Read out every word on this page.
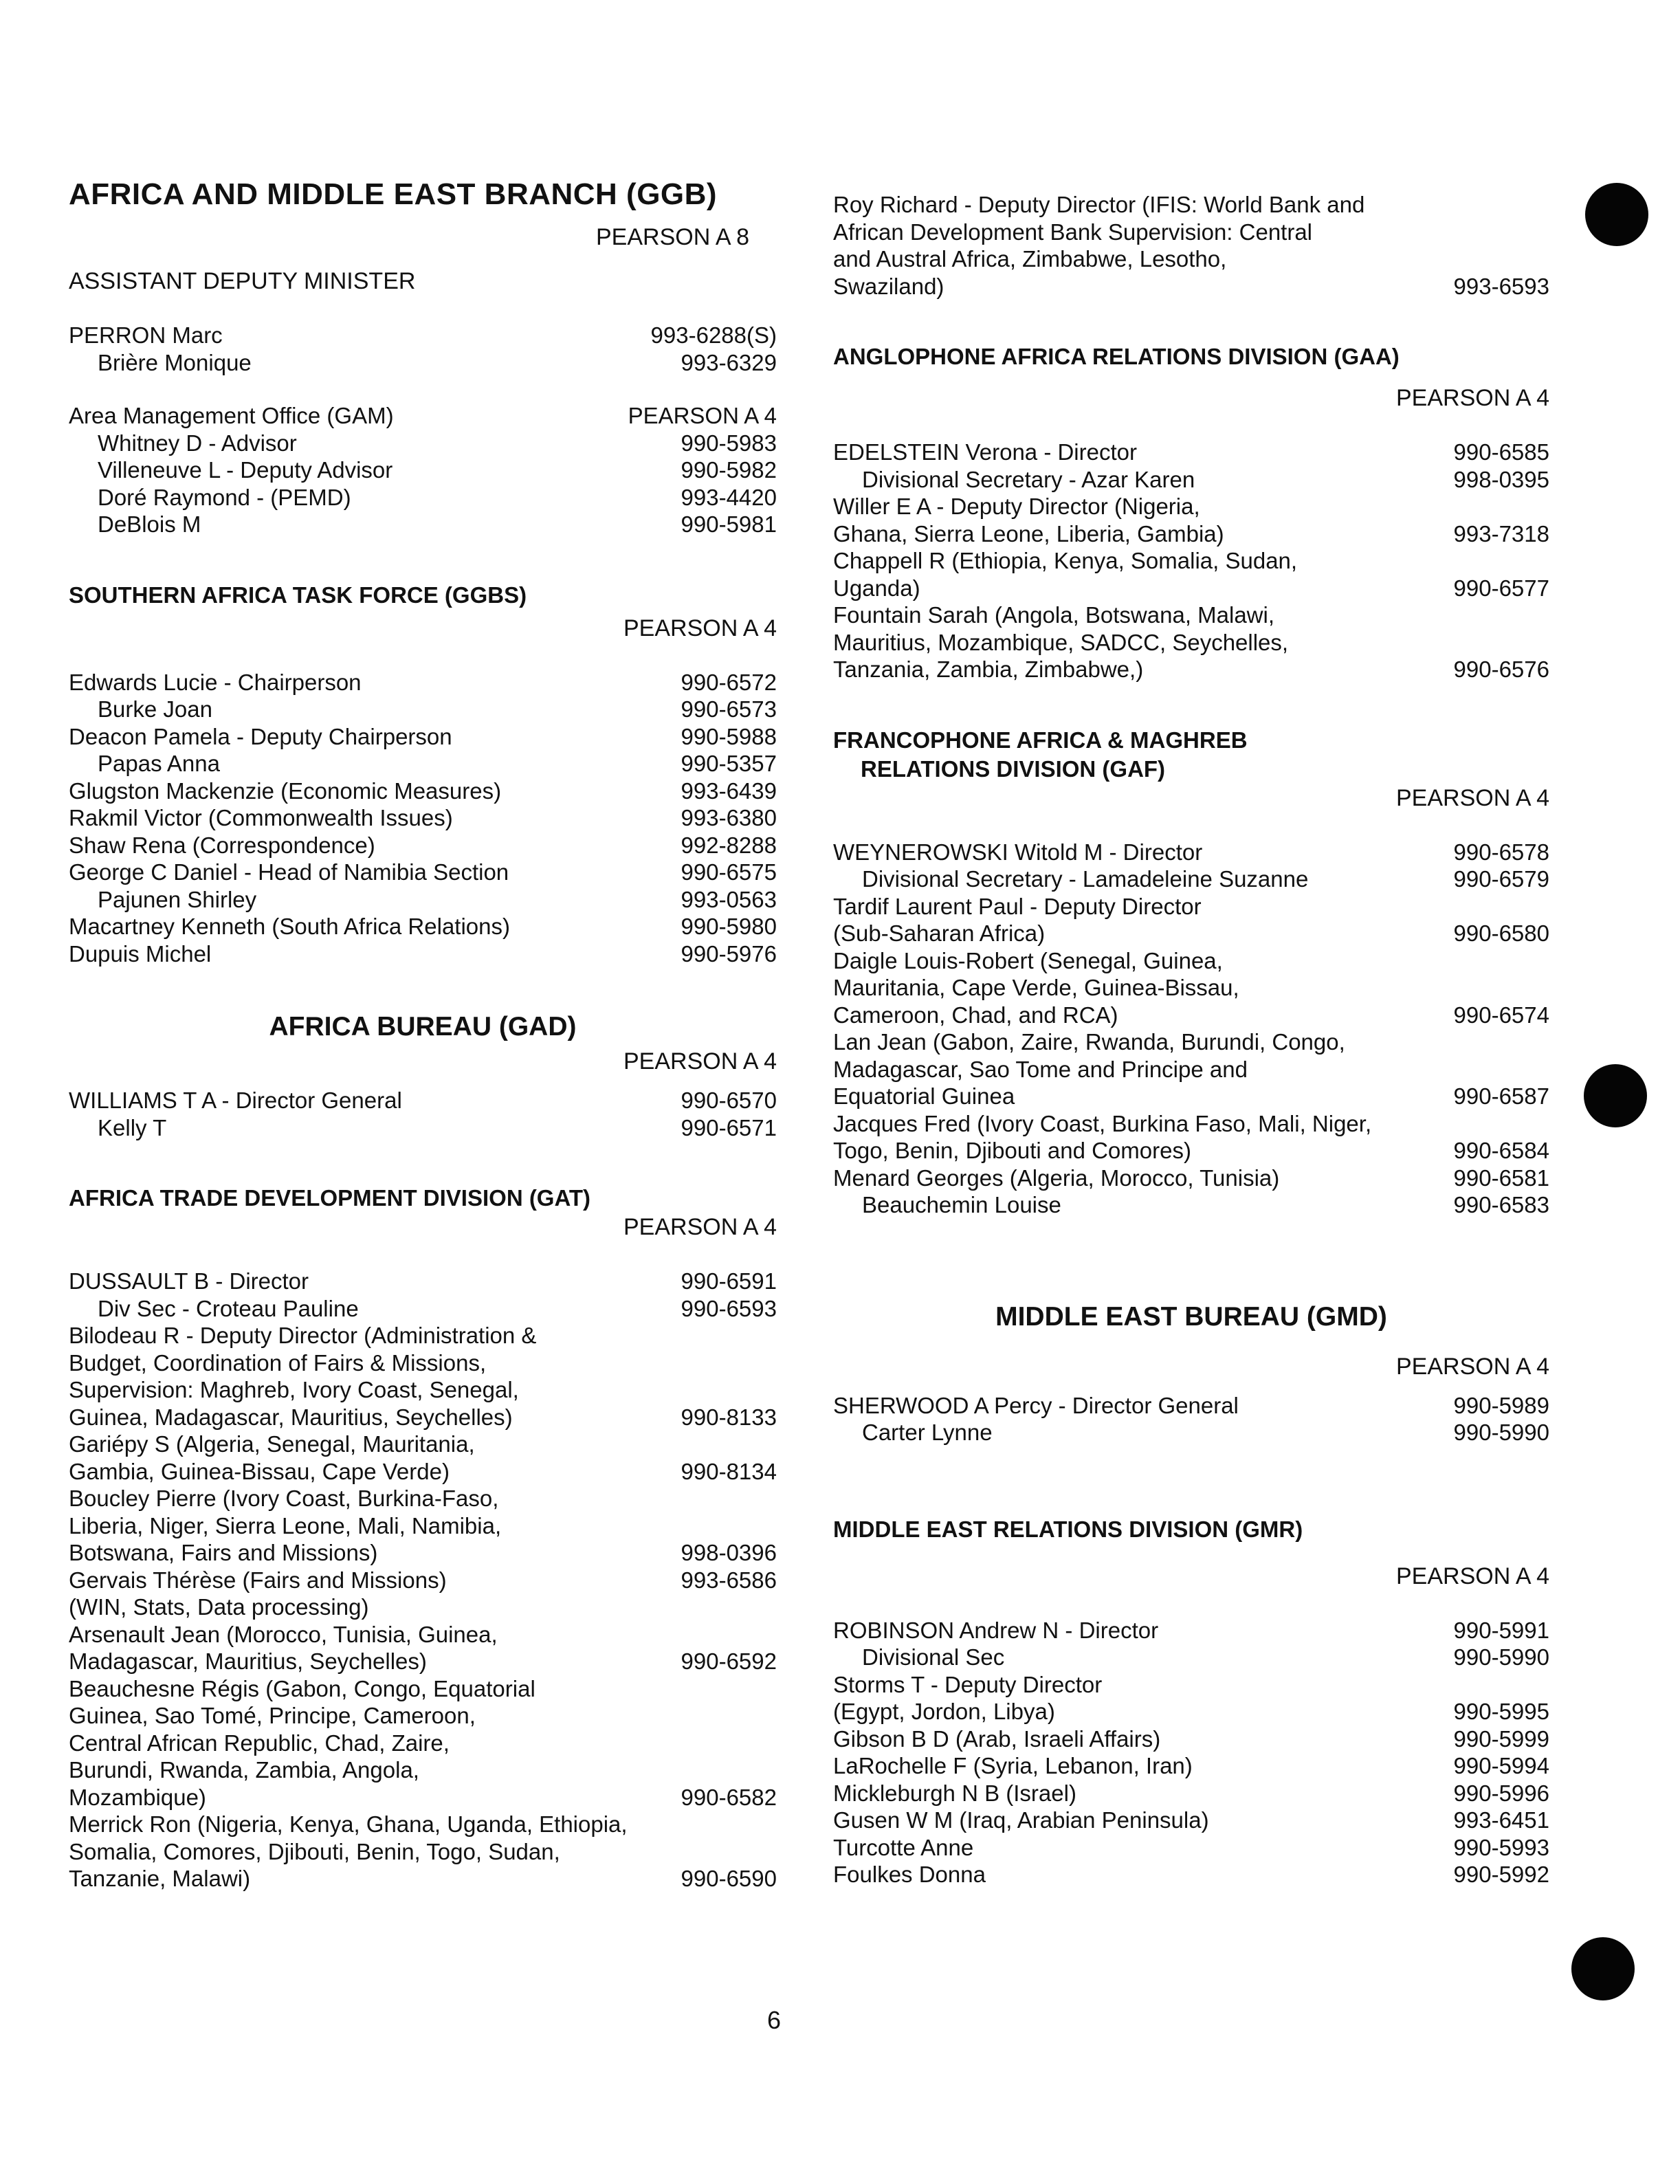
AFRICA AND MIDDLE EAST BRANCH (GGB)
PEARSON A 8
ASSISTANT DEPUTY MINISTER
PERRON Marc	993-6288(S)
Brière Monique	993-6329
Area Management Office (GAM)	PEARSON A 4
Whitney D - Advisor	990-5983
Villeneuve L - Deputy Advisor	990-5982
Doré Raymond - (PEMD)	993-4420
DeBlois M	990-5981
SOUTHERN AFRICA TASK FORCE (GGBS)
PEARSON A 4
Edwards Lucie - Chairperson	990-6572
Burke Joan	990-6573
Deacon Pamela - Deputy Chairperson	990-5988
Papas Anna	990-5357
Glugston Mackenzie (Economic Measures)	993-6439
Rakmil Victor (Commonwealth Issues)	993-6380
Shaw Rena (Correspondence)	992-8288
George C Daniel - Head of Namibia Section	990-6575
Pajunen Shirley	993-0563
Macartney Kenneth (South Africa Relations)	990-5980
Dupuis Michel	990-5976
AFRICA BUREAU (GAD)
PEARSON A 4
WILLIAMS T A - Director General	990-6570
Kelly T	990-6571
AFRICA TRADE DEVELOPMENT DIVISION (GAT)
PEARSON A 4
DUSSAULT B - Director	990-6591
Div Sec - Croteau Pauline	990-6593
Bilodeau R - Deputy Director (Administration &
Budget, Coordination of Fairs & Missions,
Supervision: Maghreb, Ivory Coast, Senegal,
Guinea, Madagascar, Mauritius, Seychelles)	990-8133
Gariépy S (Algeria, Senegal, Mauritania,
Gambia, Guinea-Bissau, Cape Verde)	990-8134
Boucley Pierre (Ivory Coast, Burkina-Faso,
Liberia, Niger, Sierra Leone, Mali, Namibia,
Botswana, Fairs and Missions)	998-0396
Gervais Thérèse (Fairs and Missions)	993-6586
(WIN, Stats, Data processing)
Arsenault Jean (Morocco, Tunisia, Guinea,
Madagascar, Mauritius, Seychelles)	990-6592
Beauchesne Régis (Gabon, Congo, Equatorial
Guinea, Sao Tomé, Principe, Cameroon,
Central African Republic, Chad, Zaire,
Burundi, Rwanda, Zambia, Angola,
Mozambique)	990-6582
Merrick Ron (Nigeria, Kenya, Ghana, Uganda, Ethiopia,
Somalia, Comores, Djibouti, Benin, Togo, Sudan,
Tanzanie, Malawi)	990-6590
Roy Richard - Deputy Director (IFIS: World Bank and
African Development Bank Supervision: Central
and Austral Africa, Zimbabwe, Lesotho,
Swaziland)	993-6593
ANGLOPHONE AFRICA RELATIONS DIVISION (GAA)
PEARSON A 4
EDELSTEIN Verona - Director	990-6585
Divisional Secretary - Azar Karen	998-0395
Willer E A - Deputy Director (Nigeria,
Ghana, Sierra Leone, Liberia, Gambia)	993-7318
Chappell R (Ethiopia, Kenya, Somalia, Sudan,
Uganda)	990-6577
Fountain Sarah (Angola, Botswana, Malawi,
Mauritius, Mozambique, SADCC, Seychelles,
Tanzania, Zambia, Zimbabwe,)	990-6576
FRANCOPHONE AFRICA & MAGHREB
RELATIONS DIVISION (GAF)
PEARSON A 4
WEYNEROWSKI Witold M - Director	990-6578
Divisional Secretary - Lamadeleine Suzanne	990-6579
Tardif Laurent Paul - Deputy Director
(Sub-Saharan Africa)	990-6580
Daigle Louis-Robert (Senegal, Guinea,
Mauritania, Cape Verde, Guinea-Bissau,
Cameroon, Chad, and RCA)	990-6574
Lan Jean (Gabon, Zaire, Rwanda, Burundi, Congo,
Madagascar, Sao Tome and Principe and
Equatorial Guinea	990-6587
Jacques Fred (Ivory Coast, Burkina Faso, Mali, Niger,
Togo, Benin, Djibouti and Comores)	990-6584
Menard Georges (Algeria, Morocco, Tunisia)	990-6581
Beauchemin Louise	990-6583
MIDDLE EAST BUREAU (GMD)
PEARSON A 4
SHERWOOD A Percy - Director General	990-5989
Carter Lynne	990-5990
MIDDLE EAST RELATIONS DIVISION (GMR)
PEARSON A 4
ROBINSON Andrew N - Director	990-5991
Divisional Sec	990-5990
Storms T - Deputy Director
(Egypt, Jordon, Libya)	990-5995
Gibson B D (Arab, Israeli Affairs)	990-5999
LaRochelle F (Syria, Lebanon, Iran)	990-5994
Mickleburgh N B (Israel)	990-5996
Gusen W M (Iraq, Arabian Peninsula)	993-6451
Turcotte Anne	990-5993
Foulkes Donna	990-5992
6
